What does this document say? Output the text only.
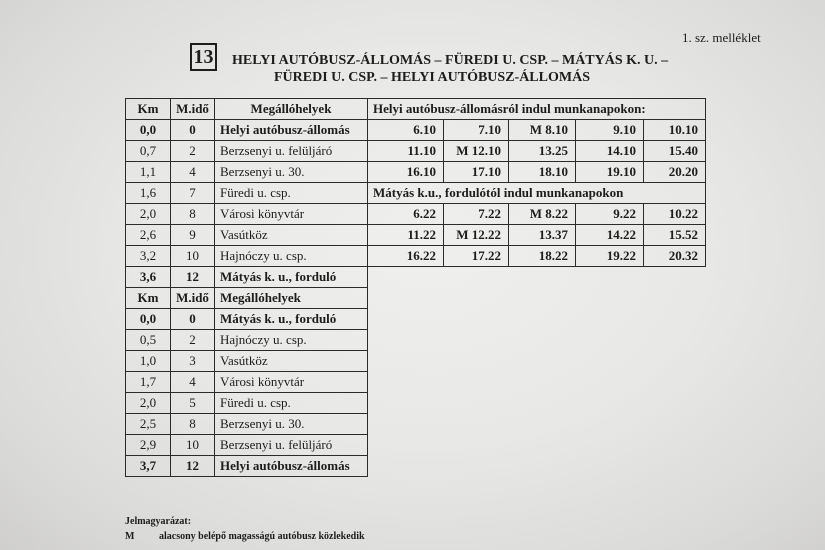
1. sz. melléklet
13 HELYI AUTÓBUSZ-ÁLLOMÁS – FÜREDI U. CSP. – MÁTYÁS K. U. –
FÜREDI U. CSP. – HELYI AUTÓBUSZ-ÁLLOMÁS
Km	M.idő	Megállóhelyek	Helyi autóbusz-állomásról indul munkanapokon:				
0,0	0	Helyi autóbusz-állomás	6.10	7.10	M 8.10	9.10	10.10
0,7	2	Berzsenyi u. felüljáró	11.10	M 12.10	13.25	14.10	15.40
1,1	4	Berzsenyi u. 30.	16.10	17.10	18.10	19.10	20.20
1,6	7	Füredi u. csp.	Mátyás k.u., fordulótól indul munkanapokon				
2,0	8	Városi könyvtár	6.22	7.22	M 8.22	9.22	10.22
2,6	9	Vasútköz	11.22	M 12.22	13.37	14.22	15.52
3,2	10	Hajnóczy u. csp.	16.22	17.22	18.22	19.22	20.32
3,6	12	Mátyás k. u., forduló					
Km	M.idő	Megállóhelyek					
0,0	0	Mátyás k. u., forduló					
0,5	2	Hajnóczy u. csp.					
1,0	3	Vasútköz					
1,7	4	Városi könyvtár					
2,0	5	Füredi u. csp.					
2,5	8	Berzsenyi u. 30.					
2,9	10	Berzsenyi u. felüljáró					
3,7	12	Helyi autóbusz-állomás					
Jelmagyarázat:
M alacsony belépő magasságú autóbusz közlekedik
